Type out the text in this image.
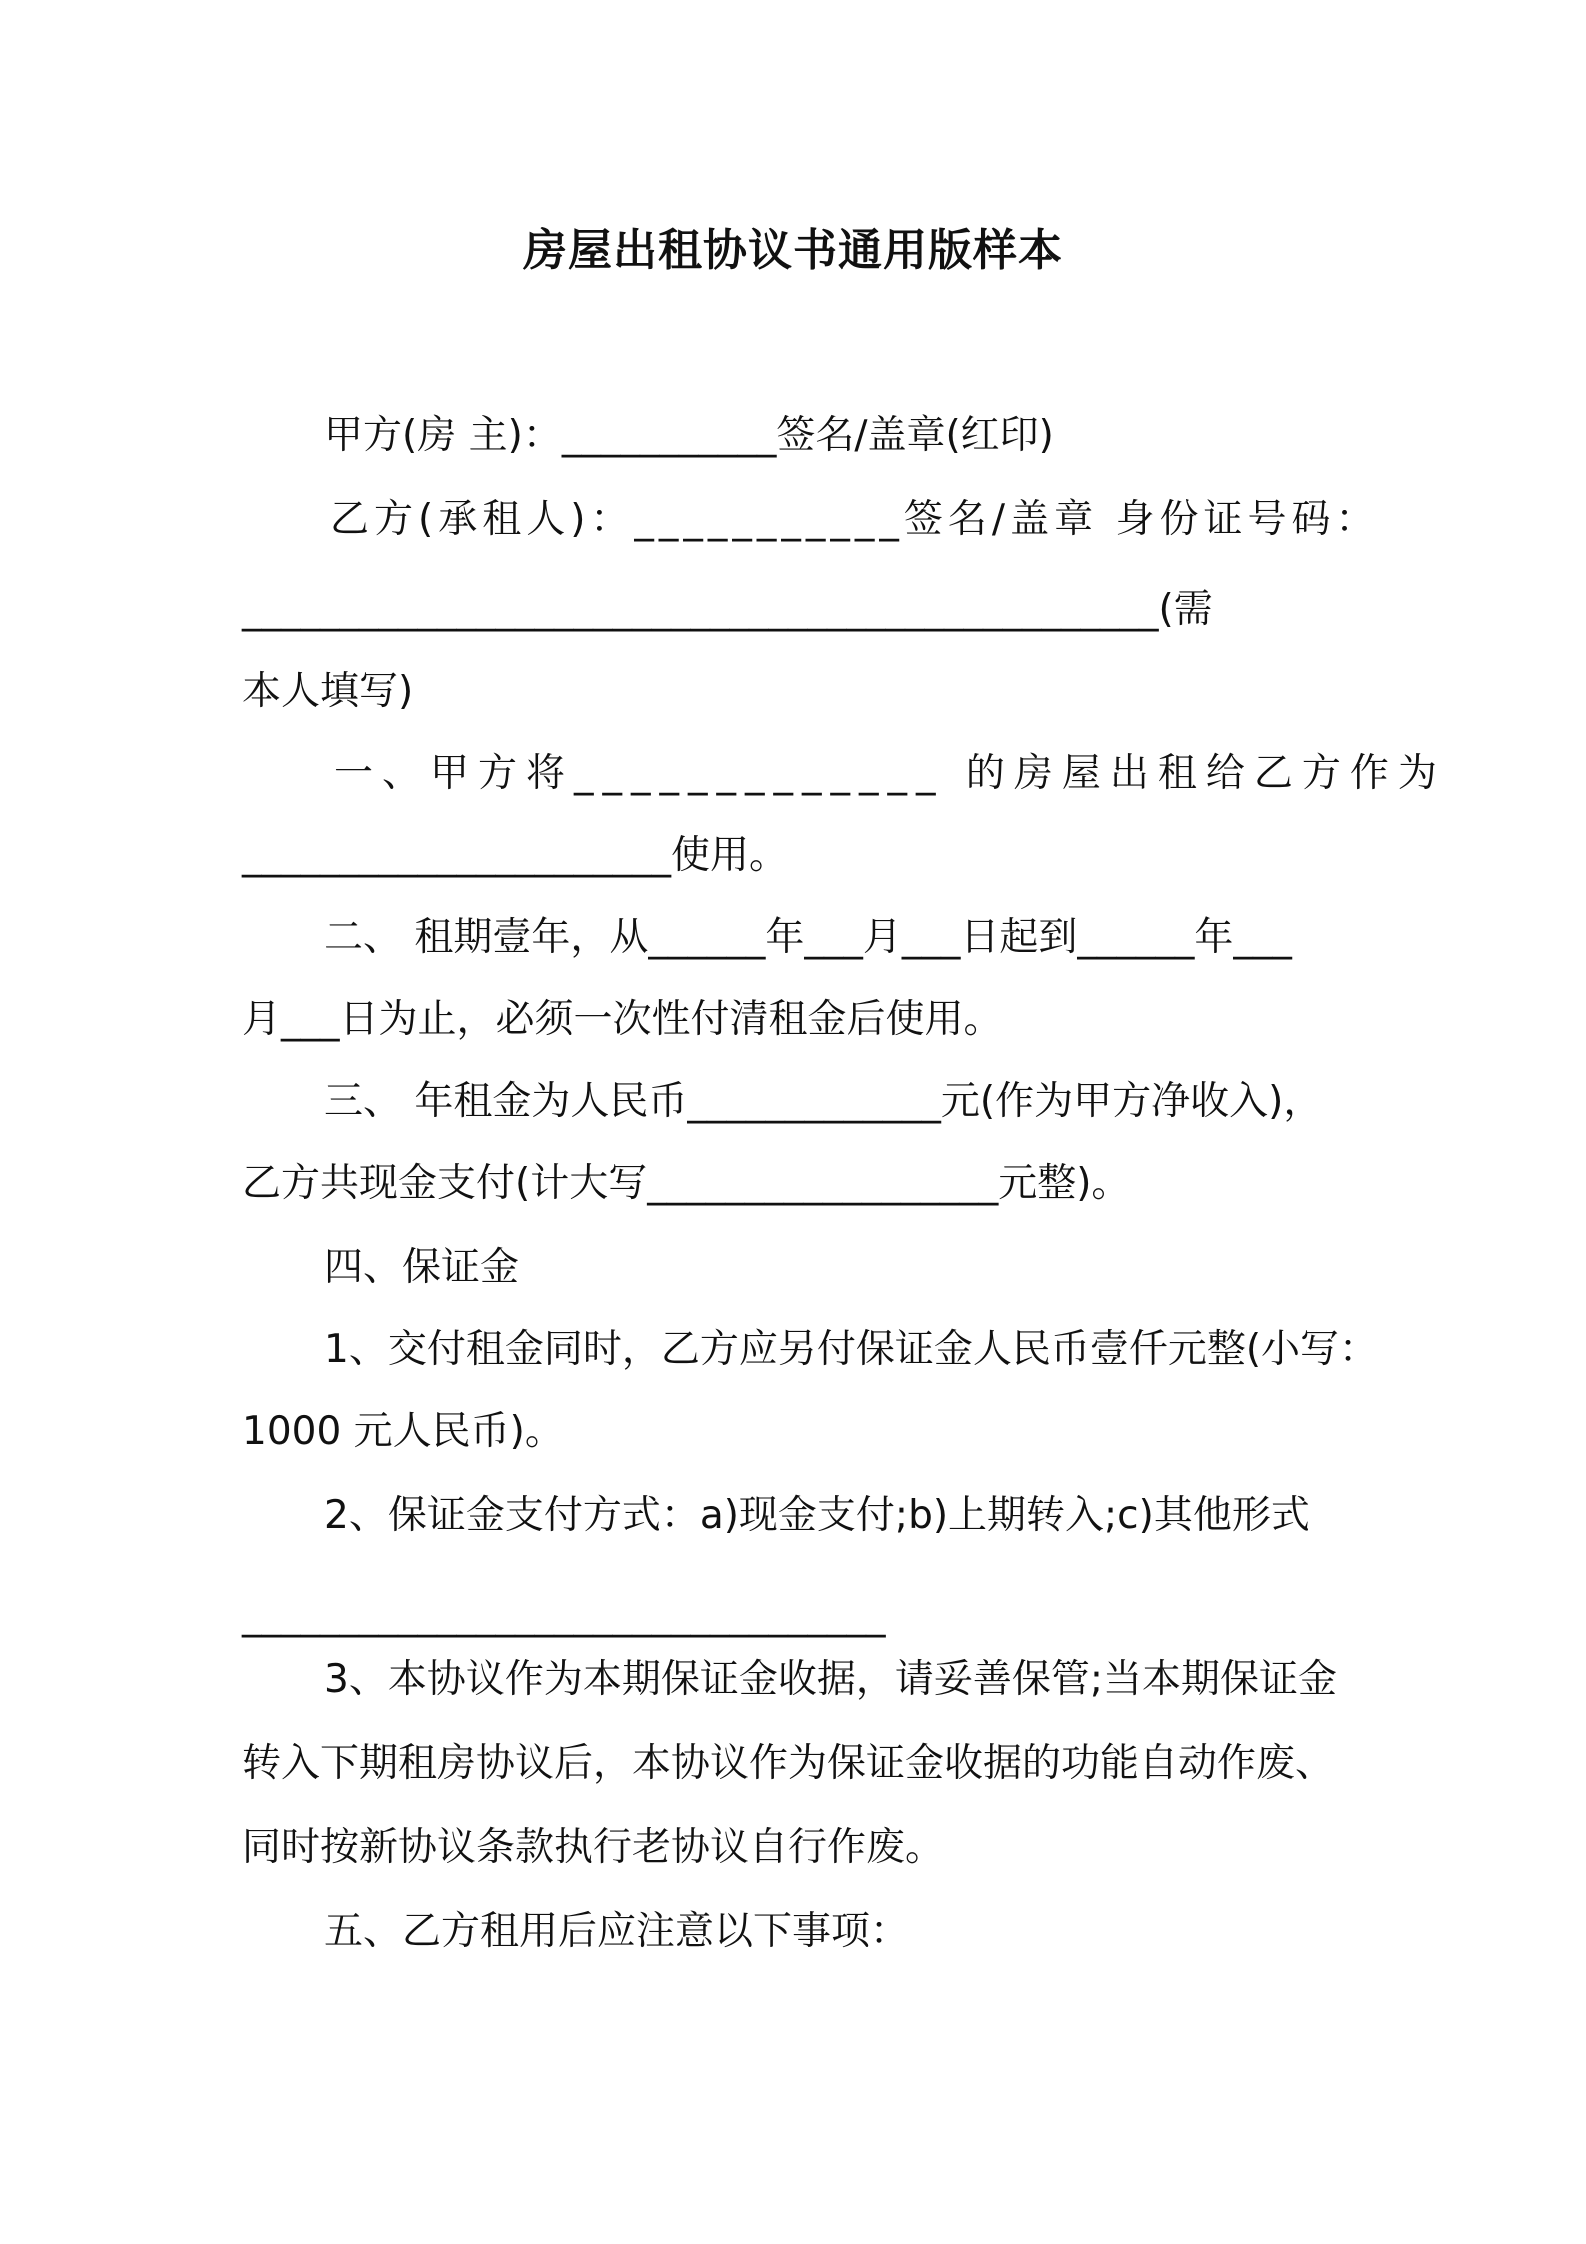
房屋出租协议书通用版样本
甲方(房 主)：___________签名/盖章(红印)
乙方(承租人)：___________签名/盖章 身份证号码：
_______________________________________________(需
本人填写)
一、甲方将_____________ 的房屋出租给乙方作为
______________________使用。
二、 租期壹年，从______年___月___日起到______年___
月___日为止，必须一次性付清租金后使用。
三、 年租金为人民币_____________元(作为甲方净收入)，
乙方共现金支付(计大写__________________元整)。
四、保证金
1、交付租金同时，乙方应另付保证金人民币壹仟元整(小写：
1000 元人民币)。
2、保证金支付方式：a)现金支付;b)上期转入;c)其他形式
_________________________________
3、本协议作为本期保证金收据，请妥善保管;当本期保证金
转入下期租房协议后，本协议作为保证金收据的功能自动作废、
同时按新协议条款执行老协议自行作废。
五、乙方租用后应注意以下事项：
